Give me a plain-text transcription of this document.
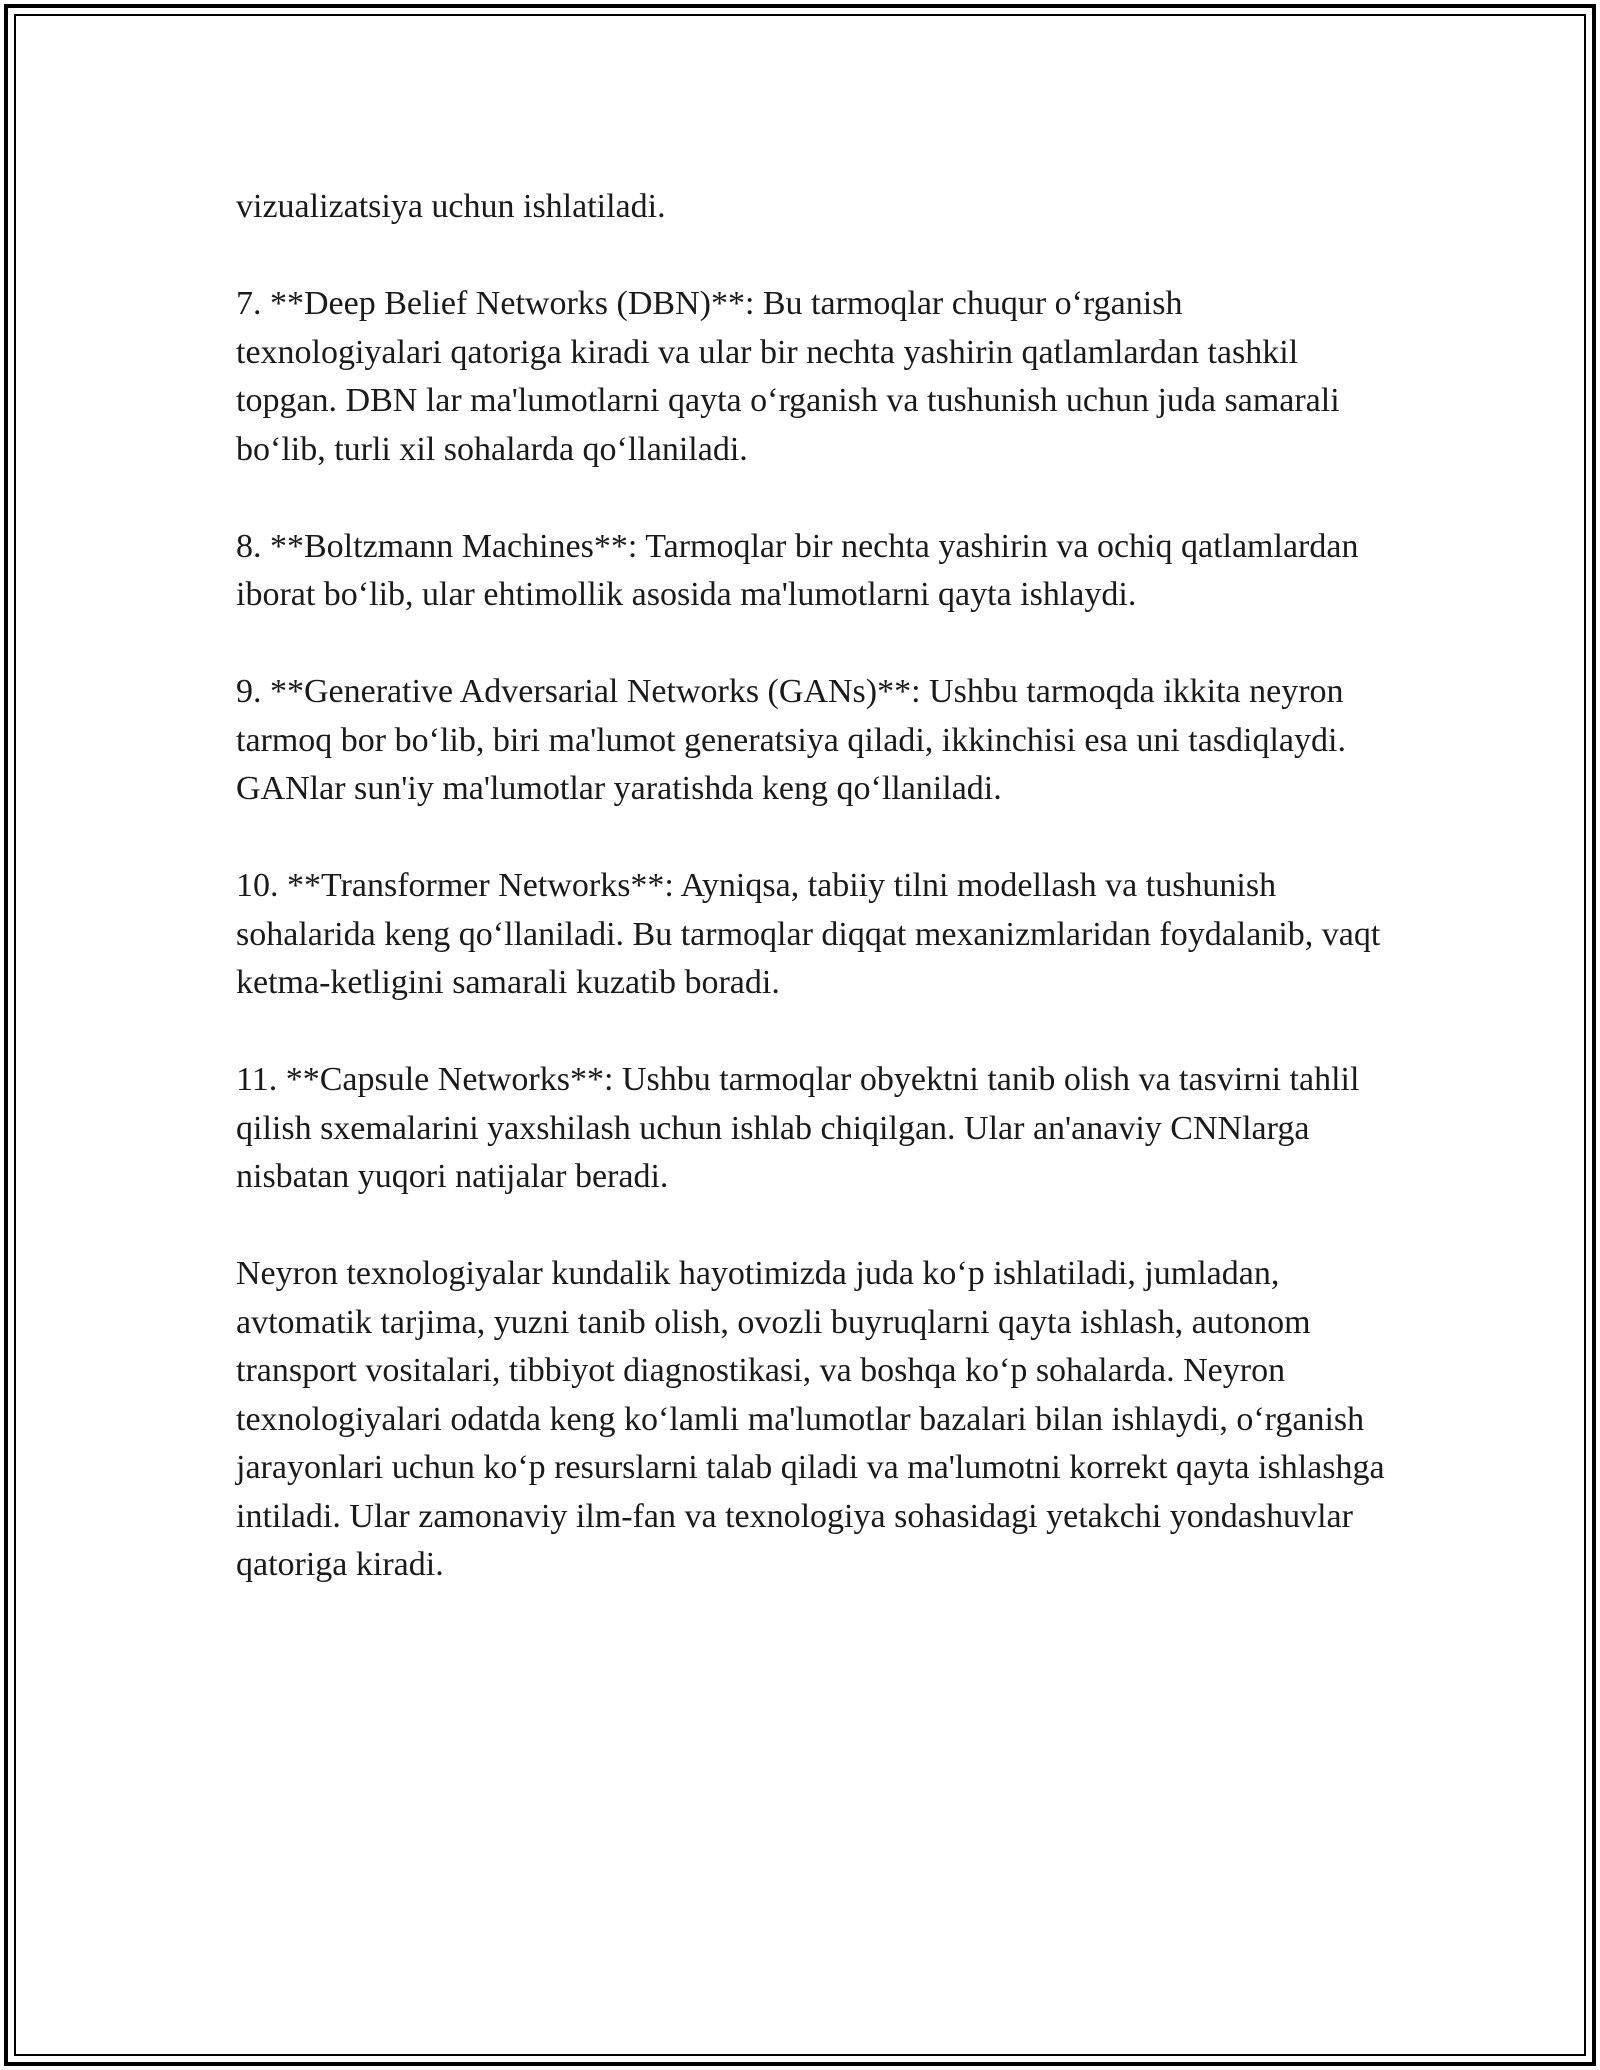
vizualizatsiya uchun ishlatiladi.

7. **Deep Belief Networks (DBN)**: Bu tarmoqlar chuqur o‘rganish texnologiyalari qatoriga kiradi va ular bir nechta yashirin qatlamlardan tashkil topgan. DBN lar ma'lumotlarni qayta o‘rganish va tushunish uchun juda samarali bo‘lib, turli xil sohalarda qo‘llaniladi.

8. **Boltzmann Machines**: Tarmoqlar bir nechta yashirin va ochiq qatlamlardan iborat bo‘lib, ular ehtimollik asosida ma'lumotlarni qayta ishlaydi.

9. **Generative Adversarial Networks (GANs)**: Ushbu tarmoqda ikkita neyron tarmoq bor bo‘lib, biri ma'lumot generatsiya qiladi, ikkinchisi esa uni tasdiqlaydi. GANlar sun'iy ma'lumotlar yaratishda keng qo‘llaniladi.

10. **Transformer Networks**: Ayniqsa, tabiiy tilni modellash va tushunish sohalarida keng qo‘llaniladi. Bu tarmoqlar diqqat mexanizmlaridan foydalanib, vaqt ketma-ketligini samarali kuzatib boradi.

11. **Capsule Networks**: Ushbu tarmoqlar obyektni tanib olish va tasvirni tahlil qilish sxemalarini yaxshilash uchun ishlab chiqilgan. Ular an'anaviy CNNlarga nisbatan yuqori natijalar beradi.

Neyron texnologiyalar kundalik hayotimizda juda ko‘p ishlatiladi, jumladan, avtomatik tarjima, yuzni tanib olish, ovozli buyruqlarni qayta ishlash, autonom transport vositalari, tibbiyot diagnostikasi, va boshqa ko‘p sohalarda. Neyron texnologiyalari odatda keng ko‘lamli ma'lumotlar bazalari bilan ishlaydi, o‘rganish jarayonlari uchun ko‘p resurslarni talab qiladi va ma'lumotni korrekt qayta ishlashga intiladi. Ular zamonaviy ilm-fan va texnologiya sohasidagi yetakchi yondashuvlar qatoriga kiradi.
